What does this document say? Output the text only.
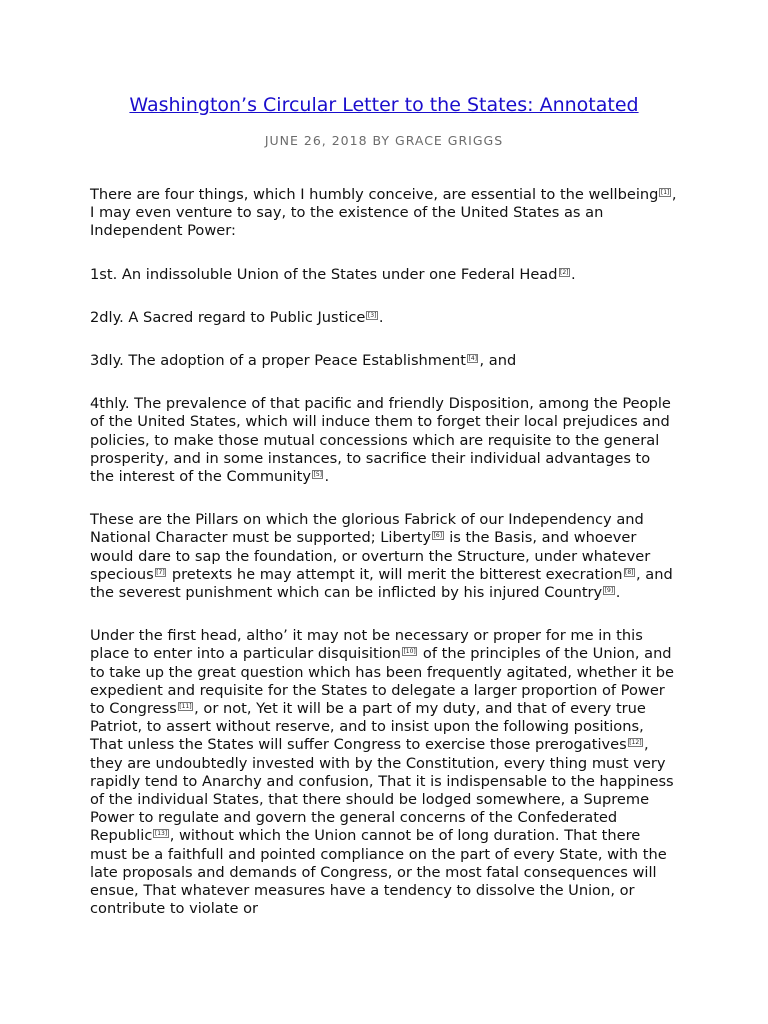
Washington’s Circular Letter to the States: Annotated
JUNE 26, 2018 BY GRACE GRIGGS

There are four things, which I humbly conceive, are essential to the wellbeing [1] , I may even venture to say, to the existence of the United States as an Independent Power:

1st. An indissoluble Union of the States under one Federal Head [2] .

2dly. A Sacred regard to Public Justice [3] .

3dly. The adoption of a proper Peace Establishment [4] , and

4thly. The prevalence of that pacific and friendly Disposition, among the People of the United States, which will induce them to forget their local prejudices and policies, to make those mutual concessions which are requisite to the general prosperity, and in some instances, to sacrifice their individual advantages to the interest of the Community [5] .

These are the Pillars on which the glorious Fabrick of our Independency and National Character must be supported; Liberty [6] is the Basis, and whoever would dare to sap the foundation, or overturn the Structure, under whatever specious [7] pretexts he may attempt it, will merit the bitterest execration [8] , and the severest punishment which can be inflicted by his injured Country [9] .

Under the first head, altho’ it may not be necessary or proper for me in this place to enter into a particular disquisition [10] of the principles of the Union, and to take up the great question which has been frequently agitated, whether it be expedient and requisite for the States to delegate a larger proportion of Power to Congress [11] , or not, Yet it will be a part of my duty, and that of every true Patriot, to assert without reserve, and to insist upon the following positions, That unless the States will suffer Congress to exercise those prerogatives [12] , they are undoubtedly invested with by the Constitution, every thing must very rapidly tend to Anarchy and confusion, That it is indispensable to the happiness of the individual States, that there should be lodged somewhere, a Supreme Power to regulate and govern the general concerns of the Confederated Republic [13] , without which the Union cannot be of long duration. That there must be a faithfull and pointed compliance on the part of every State, with the late proposals and demands of Congress, or the most fatal consequences will ensue, That whatever measures have a tendency to dissolve the Union, or contribute to violate or
